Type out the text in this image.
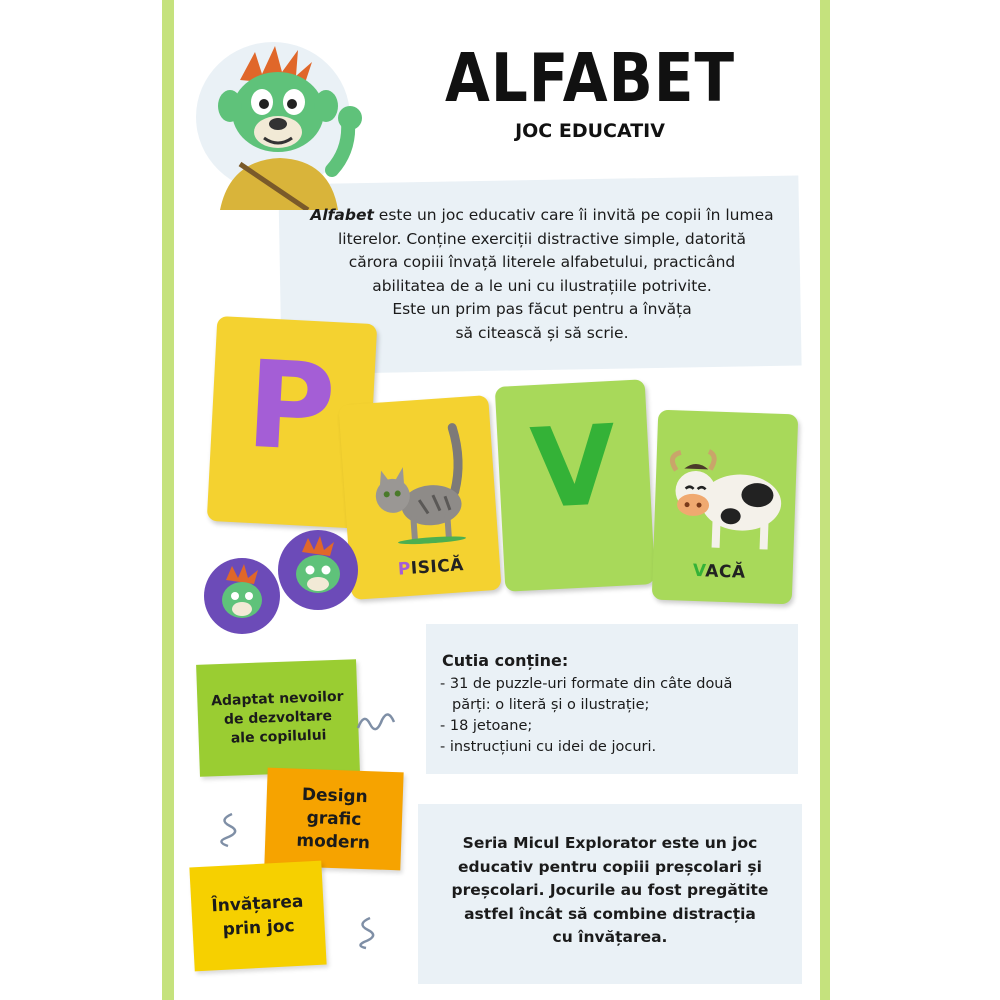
ALFABET
JOC EDUCATIV
Alfabet este un joc educativ care îi invită pe copii în lumea
literelor. Conține exerciții distractive simple, datorită
cărora copiii învață literele alfabetului, practicând
abilitatea de a le uni cu ilustrațiile potrivite.
Este un prim pas făcut pentru a învăța
să citească și să scrie.
P
PISICĂ
V
VACĂ
Adaptat nevoilor
de dezvoltare
ale copilului
Design
grafic
modern
Învățarea
prin joc
Cutia conține:
- 31 de puzzle-uri formate din câte două
părți: o literă și o ilustrație;
- 18 jetoane;
- instrucțiuni cu idei de jocuri.
Seria Micul Explorator este un joc
educativ pentru copiii preșcolari și
preșcolari. Jocurile au fost pregătite
astfel încât să combine distracția
cu învățarea.
